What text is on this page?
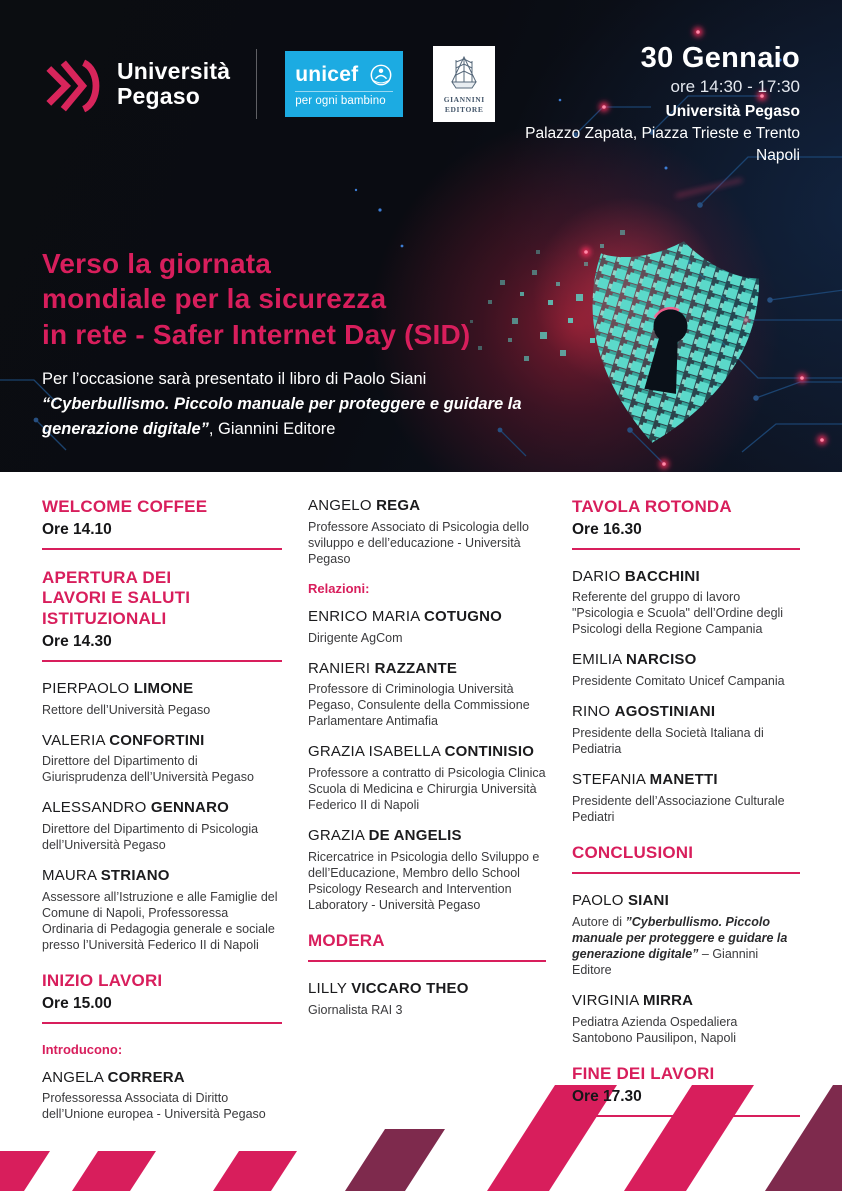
Università
Pegaso
unicef
per ogni bambino	GIANNINI
EDITORE
30 Gennaio
ore 14:30 - 17:30
Università Pegaso
Palazzo Zapata, Piazza Trieste e Trento
Napoli
Verso la giornata
mondiale per la sicurezza
in rete - Safer Internet Day (SID)

Per l’occasione sarà presentato il libro di Paolo Siani
“Cyberbullismo. Piccolo manuale per proteggere e guidare la generazione digitale”, Giannini Editore

WELCOME COFFEE
Ore 14.10
APERTURA DEI LAVORI E SALUTI ISTITUZIONALI
Ore 14.30
PIERPAOLO LIMONE
Rettore dell’Università Pegaso
VALERIA CONFORTINI
Direttore del Dipartimento di Giurisprudenza dell’Università Pegaso
ALESSANDRO GENNARO
Direttore del Dipartimento di Psicologia dell’Università Pegaso
MAURA STRIANO
Assessore all’Istruzione e alle Famiglie del Comune di Napoli, Professoressa Ordinaria di Pedagogia generale e sociale presso l’Università Federico II di Napoli
INIZIO LAVORI
Ore 15.00
Introducono:
ANGELA CORRERA
Professoressa Associata di Diritto dell’Unione europea - Università Pegaso
ANGELO REGA
Professore Associato di Psicologia dello sviluppo e dell’educazione - Università Pegaso
Relazioni:
ENRICO MARIA COTUGNO
Dirigente AgCom
RANIERI RAZZANTE
Professore di Criminologia Università Pegaso, Consulente della Commissione Parlamentare Antimafia
GRAZIA ISABELLA CONTINISIO
Professore a contratto di Psicologia Clinica Scuola di Medicina e Chirurgia Università Federico II di Napoli
GRAZIA DE ANGELIS
Ricercatrice in Psicologia dello Sviluppo e dell’Educazione, Membro dello School Psicology Research and Intervention Laboratory - Università Pegaso
MODERA
LILLY VICCARO THEO
Giornalista RAI 3
TAVOLA ROTONDA
Ore 16.30
DARIO BACCHINI
Referente del gruppo di lavoro "Psicologia e Scuola" dell’Ordine degli Psicologi della Regione Campania
EMILIA NARCISO
Presidente Comitato Unicef Campania
RINO AGOSTINIANI
Presidente della Società Italiana di Pediatria
STEFANIA MANETTI
Presidente dell’Associazione Culturale Pediatri
CONCLUSIONI
PAOLO SIANI
Autore di ”Cyberbullismo. Piccolo manuale per proteggere e guidare la generazione digitale” – Giannini Editore
VIRGINIA MIRRA
Pediatra Azienda Ospedaliera Santobono Pausilipon, Napoli
FINE DEI LAVORI
Ore 17.30
